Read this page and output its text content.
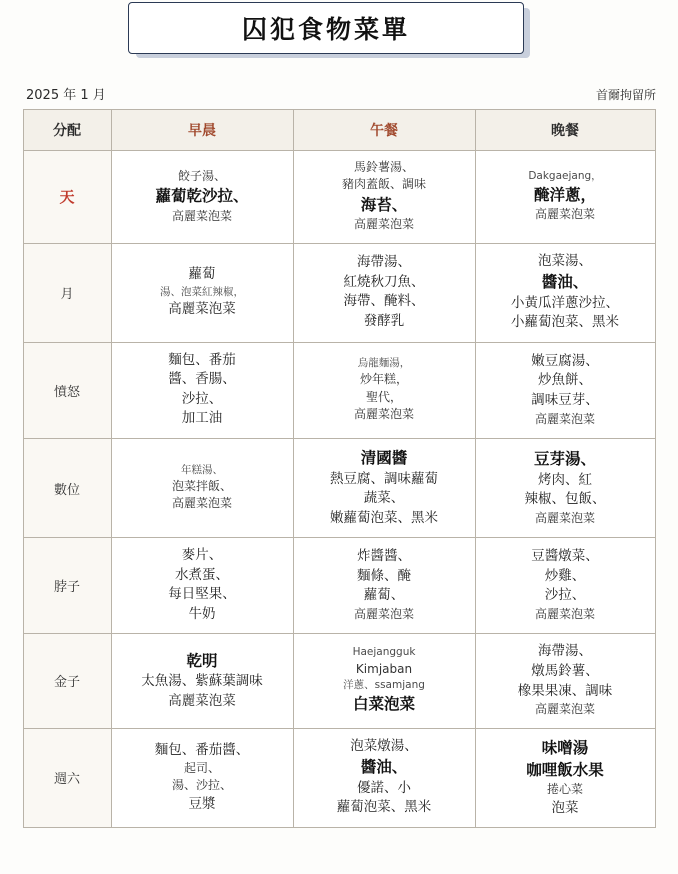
囚犯食物菜單
2025 年 1 月	首爾拘留所
分配	早晨	午餐	晚餐
天	餃子湯、
蘿蔔乾沙拉、
高麗菜泡菜	馬鈴薯湯、
豬肉蓋飯、調味
海苔、
高麗菜泡菜	Dakgaejang，
醃洋蔥，
高麗菜泡菜

月	蘿蔔
湯、泡菜紅辣椒，
高麗菜泡菜	海帶湯、
紅燒秋刀魚、
海帶、醃料、
發酵乳	泡菜湯、
醬油、
小黃瓜洋蔥沙拉、
小蘿蔔泡菜、黑米

憤怒	麵包、番茄
醬、香腸、
沙拉、
加工油	烏龍麵湯，
炒年糕，
聖代，
高麗菜泡菜	嫩豆腐湯、
炒魚餅、
調味豆芽、
高麗菜泡菜

數位	年糕湯、
泡菜拌飯、
高麗菜泡菜	清國醬
熱豆腐、調味蘿蔔
蔬菜、
嫩蘿蔔泡菜、黑米	豆芽湯、
烤肉、紅
辣椒、包飯、
高麗菜泡菜

脖子	麥片、
水煮蛋、
每日堅果、
牛奶	炸醬醬、
麵條、醃
蘿蔔、
高麗菜泡菜	豆醬燉菜、
炒雞、
沙拉、
高麗菜泡菜

金子	乾明
太魚湯、紫蘇葉調味
高麗菜泡菜	Haejangguk
Kimjaban
洋蔥、ssamjang
白菜泡菜	海帶湯、
燉馬鈴薯、
橡果果凍、調味
高麗菜泡菜

週六	麵包、番茄醬、
起司、
湯、沙拉、
豆漿	泡菜燉湯、
醬油、
優諾、小
蘿蔔泡菜、黑米	味噌湯
咖哩飯水果
捲心菜
泡菜
